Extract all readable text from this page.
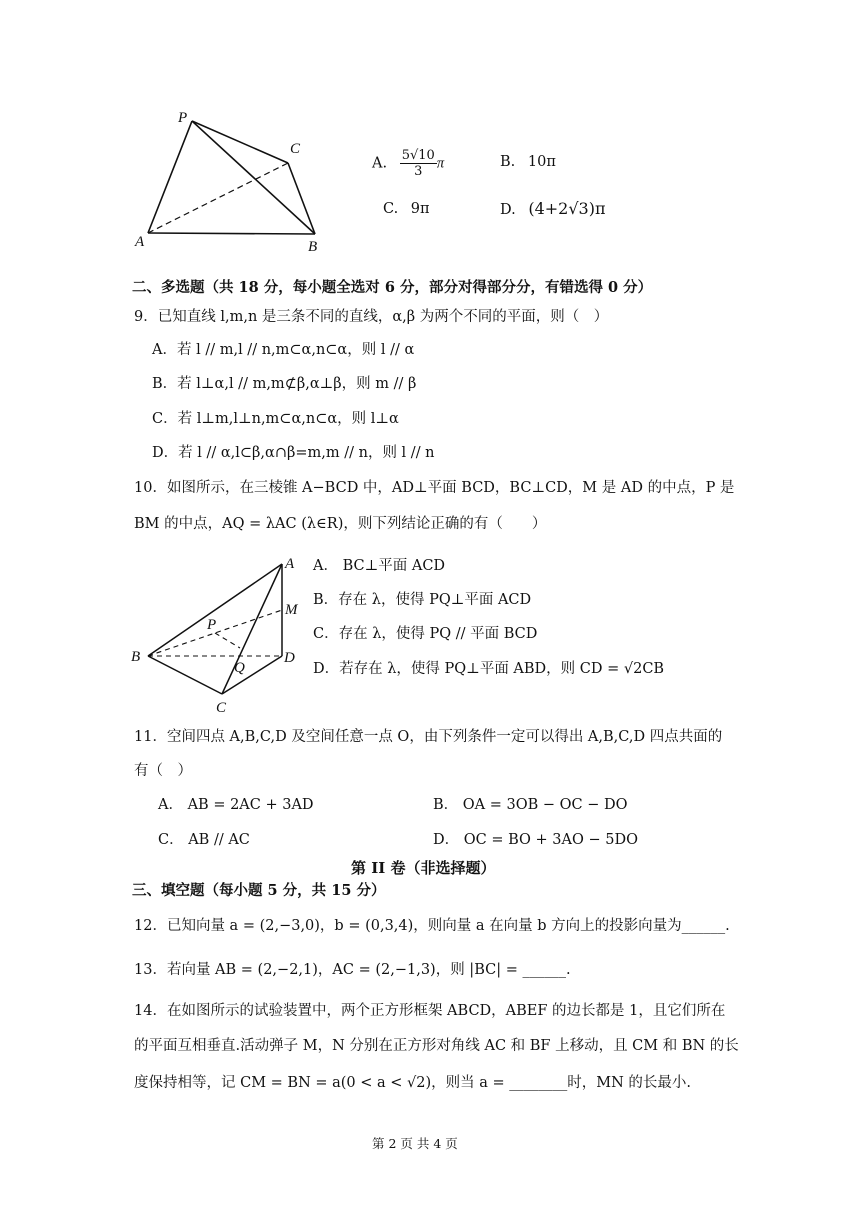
P
C
A	B
A. $\frac{5√10}{3}$ π	B. 10π
C. 9π	D. (4+2√3)π
二、多选题（共 18 分，每小题全选对 6 分，部分对得部分分，有错选得 0 分）
9．已知直线 l,m,n 是三条不同的直线，α,β 为两个不同的平面，则（　）
A．若 l // m,l // n,m⊂α,n⊂α，则 l // α
B．若 l⊥α,l // m,m⊄β,α⊥β，则 m // β
C．若 l⊥m,l⊥n,m⊂α,n⊂α，则 l⊥α
D．若 l // α,l⊂β,α∩β=m,m // n，则 l // n
10．如图所示，在三棱锥 A−BCD 中，AD⊥平面 BCD，BC⊥CD，M 是 AD 的中点，P 是
BM 的中点，AQ = λAC (λ∈R)，则下列结论正确的有（　　）
A
M
P
B	D
Q
C
A． BC⊥平面 ACD
B．存在 λ，使得 PQ⊥平面 ACD
C．存在 λ，使得 PQ // 平面 BCD
D．若存在 λ，使得 PQ⊥平面 ABD，则 CD = √2CB
11．空间四点 A,B,C,D 及空间任意一点 O，由下列条件一定可以得出 A,B,C,D 四点共面的
有（　）
A． AB = 2AC + 3AD	B． OA = 3OB − OC − DO
C． AB // AC	D． OC = BO + 3AO − 5DO
第 II 卷（非选择题）
三、填空题（每小题 5 分，共 15 分）
12．已知向量 a = (2,−3,0)，b = (0,3,4)，则向量 a 在向量 b 方向上的投影向量为______.
13．若向量 AB = (2,−2,1)，AC = (2,−1,3)，则 |BC| = ______.
14．在如图所示的试验装置中，两个正方形框架 ABCD，ABEF 的边长都是 1，且它们所在
的平面互相垂直.活动弹子 M，N 分别在正方形对角线 AC 和 BF 上移动，且 CM 和 BN 的长
度保持相等，记 CM = BN = a(0 < a < √2)，则当 a = ________时，MN 的长最小.
第 2 页 共 4 页
